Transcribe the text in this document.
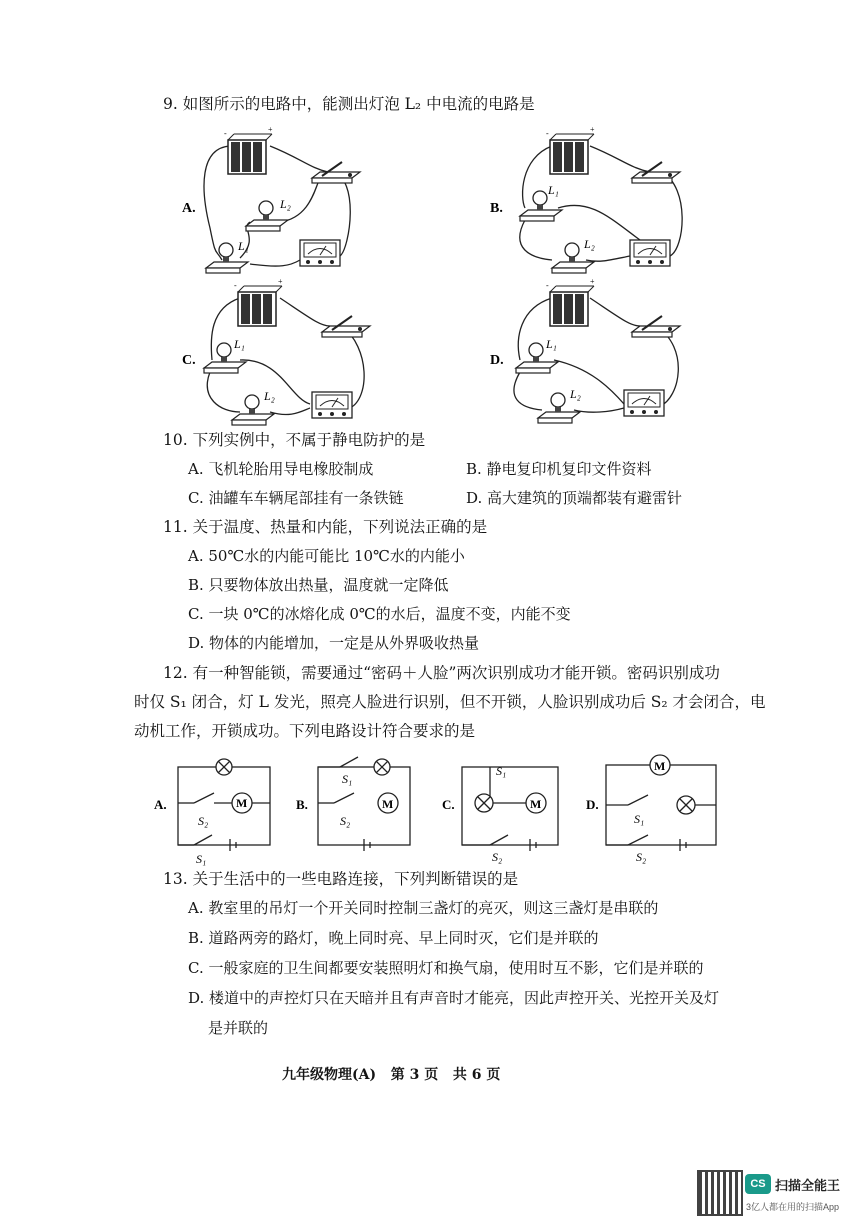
9. 如图所示的电路中，能测出灯泡 L₂ 中电流的电路是
-	+
A.	L₂
L₁
B.
L₁
L₂
C.
L₁
L₂
D.
L₁
L₂
10. 下列实例中，不属于静电防护的是
A. 飞机轮胎用导电橡胶制成	B. 静电复印机复印文件资料
C. 油罐车车辆尾部挂有一条铁链	D. 高大建筑的顶端都装有避雷针
11. 关于温度、热量和内能，下列说法正确的是
A. 50℃水的内能可能比 10℃水的内能小
B. 只要物体放出热量，温度就一定降低
C. 一块 0℃的冰熔化成 0℃的水后，温度不变，内能不变
D. 物体的内能增加，一定是从外界吸收热量
12. 有一种智能锁，需要通过“密码＋人脸”两次识别成功才能开锁。密码识别成功
时仅 S₁ 闭合，灯 L 发光，照亮人脸进行识别，但不开锁，人脸识别成功后 S₂ 才会闭合，电
动机工作，开锁成功。下列电路设计符合要求的是
A.	B.	C.	D.
M
S₂
S₁
S₁
M
S₂
S₁
M
S₂
M
S₁
S₂
13. 关于生活中的一些电路连接，下列判断错误的是
A. 教室里的吊灯一个开关同时控制三盏灯的亮灭，则这三盏灯是串联的
B. 道路两旁的路灯，晚上同时亮、早上同时灭，它们是并联的
C. 一般家庭的卫生间都要安装照明灯和换气扇，使用时互不影，它们是并联的
D. 楼道中的声控灯只在天暗并且有声音时才能亮，因此声控开关、光控开关及灯
是并联的
九年级物理(A)   第 3 页   共 6 页
CS 扫描全能王
3亿人都在用的扫描App
